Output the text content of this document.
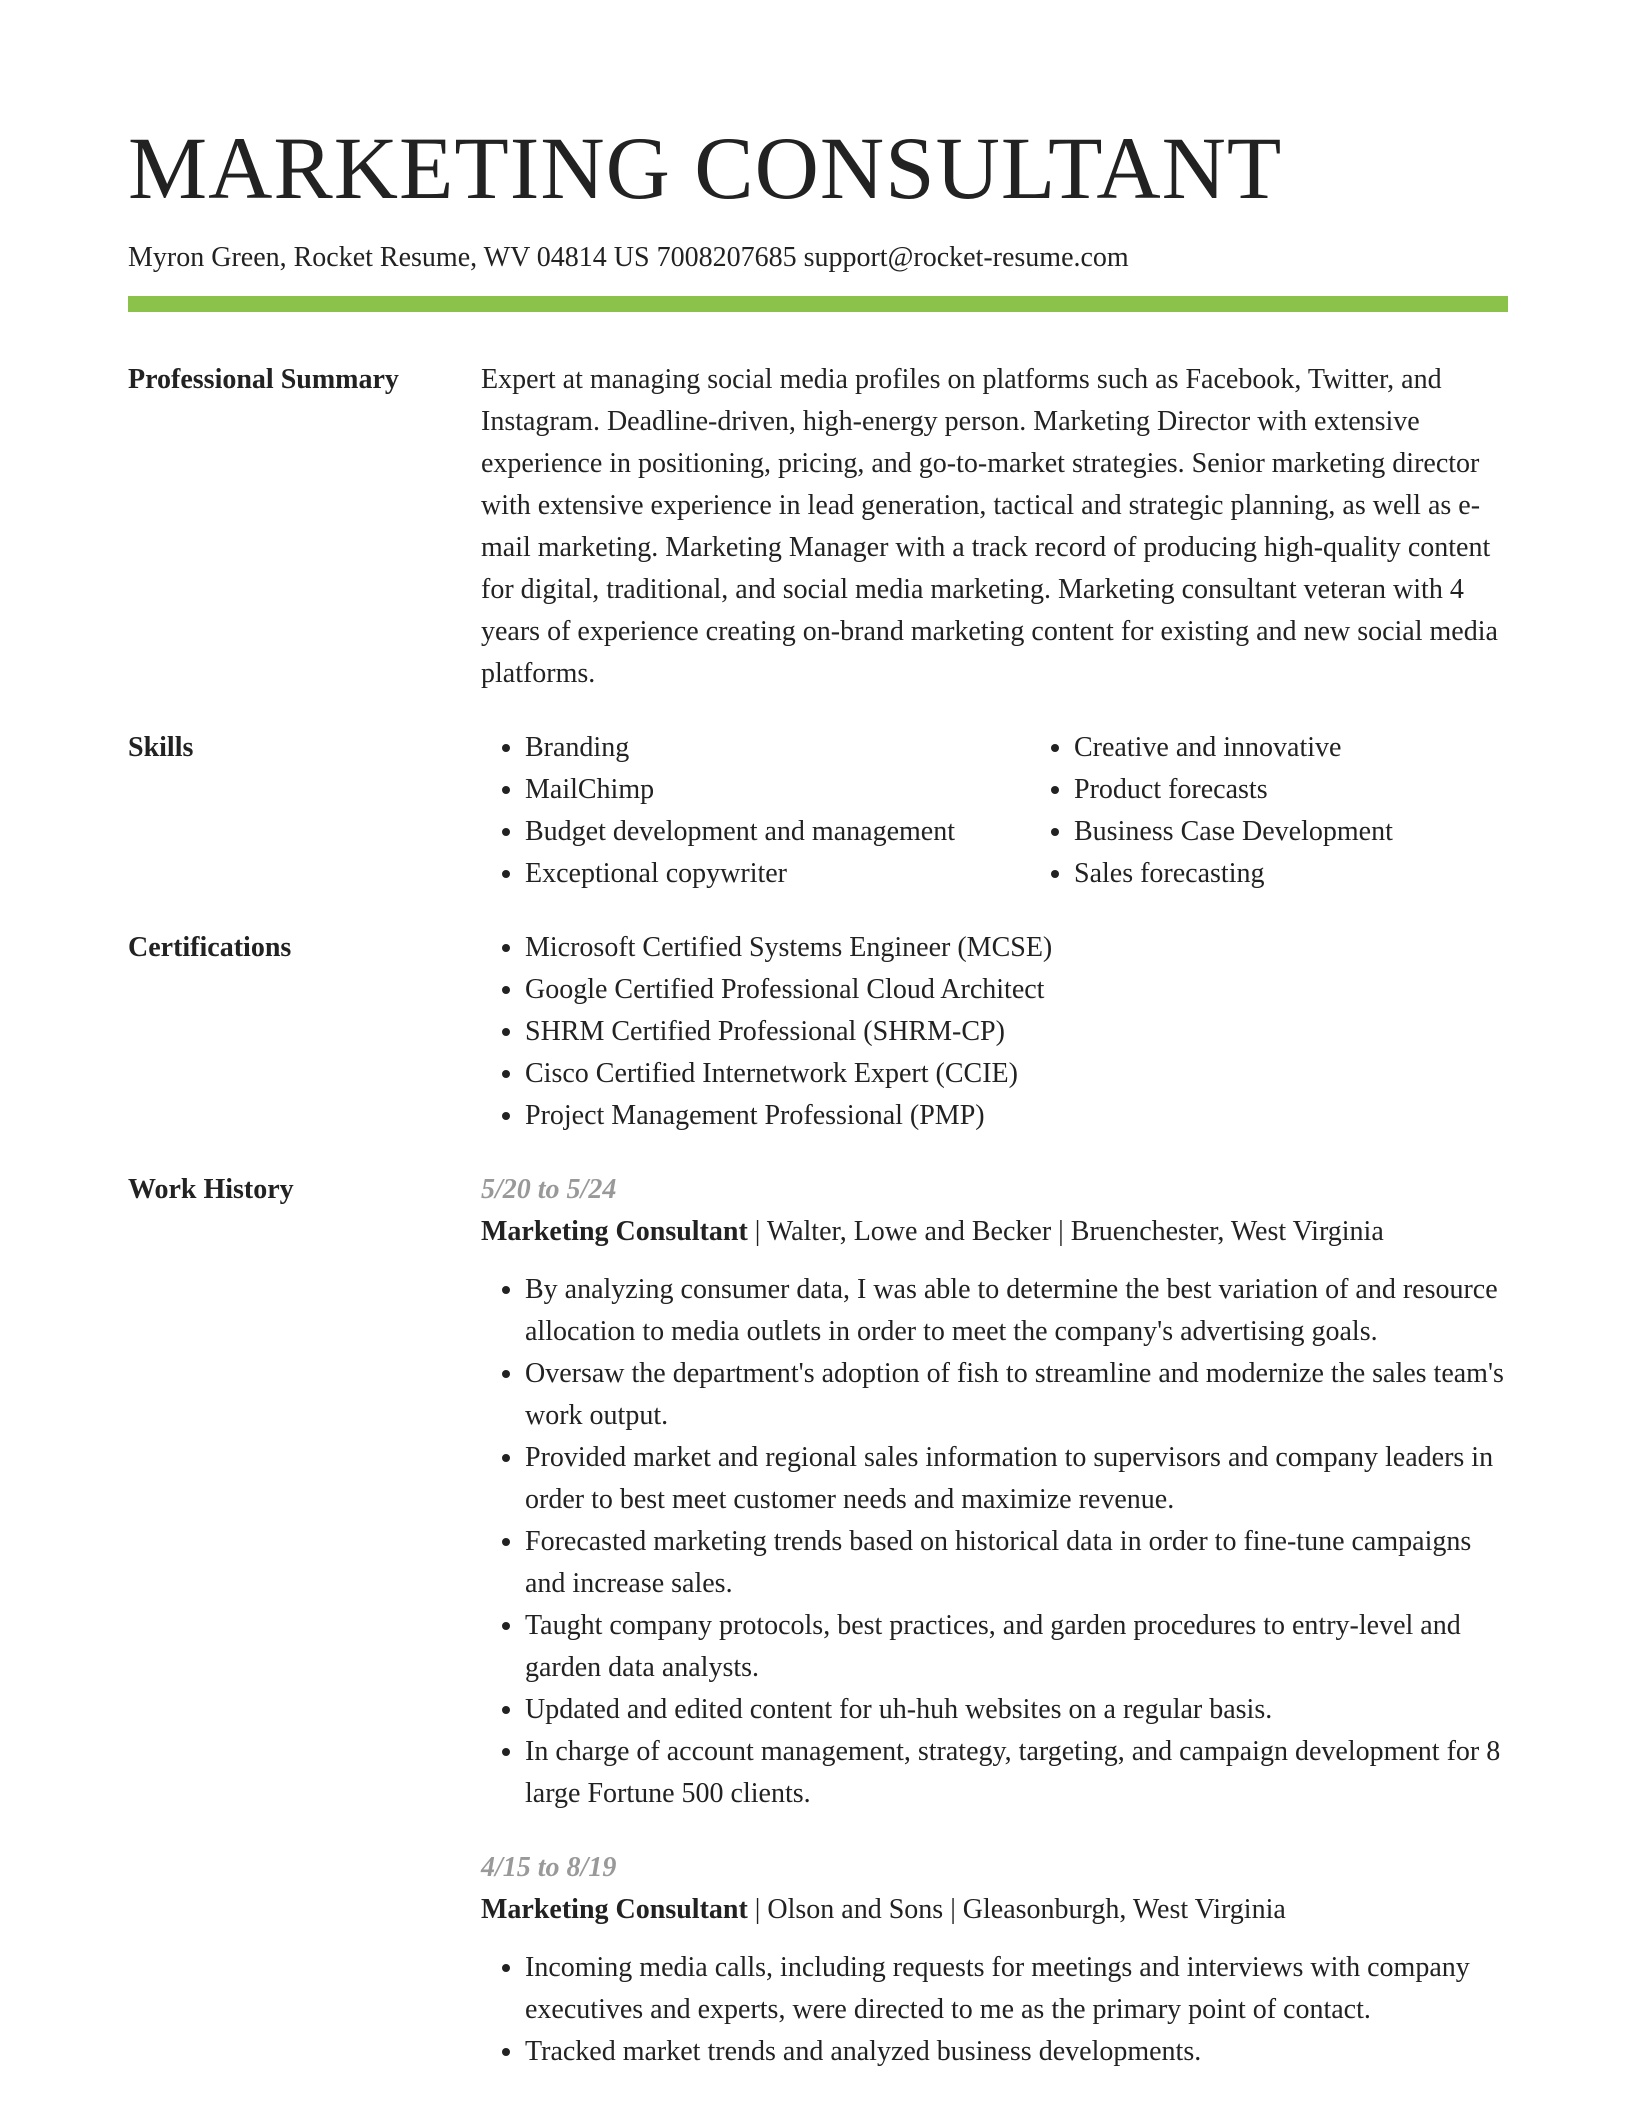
MARKETING CONSULTANT
Myron Green, Rocket Resume, WV 04814 US 7008207685 support@rocket-resume.com
Professional Summary	Expert at managing social media profiles on platforms such as Facebook, Twitter, and Instagram. Deadline-driven, high-energy person. Marketing Director with extensive experience in positioning, pricing, and go-to-market strategies. Senior marketing director with extensive experience in lead generation, tactical and strategic planning, as well as e-mail marketing. Marketing Manager with a track record of producing high-quality content for digital, traditional, and social media marketing. Marketing consultant veteran with 4 years of experience creating on-brand marketing content for existing and new social media platforms.
Skills	• Branding
• MailChimp
• Budget development and management
• Exceptional copywriter
• Creative and innovative
• Product forecasts
• Business Case Development
• Sales forecasting
Certifications	• Microsoft Certified Systems Engineer (MCSE)
• Google Certified Professional Cloud Architect
• SHRM Certified Professional (SHRM-CP)
• Cisco Certified Internetwork Expert (CCIE)
• Project Management Professional (PMP)
Work History	5/20 to 5/24
Marketing Consultant | Walter, Lowe and Becker | Bruenchester, West Virginia
• By analyzing consumer data, I was able to determine the best variation of and resource allocation to media outlets in order to meet the company's advertising goals.
• Oversaw the department's adoption of fish to streamline and modernize the sales team's work output.
• Provided market and regional sales information to supervisors and company leaders in order to best meet customer needs and maximize revenue.
• Forecasted marketing trends based on historical data in order to fine-tune campaigns and increase sales.
• Taught company protocols, best practices, and garden procedures to entry-level and garden data analysts.
• Updated and edited content for uh-huh websites on a regular basis.
• In charge of account management, strategy, targeting, and campaign development for 8 large Fortune 500 clients.
4/15 to 8/19
Marketing Consultant | Olson and Sons | Gleasonburgh, West Virginia
• Incoming media calls, including requests for meetings and interviews with company executives and experts, were directed to me as the primary point of contact.
• Tracked market trends and analyzed business developments.
